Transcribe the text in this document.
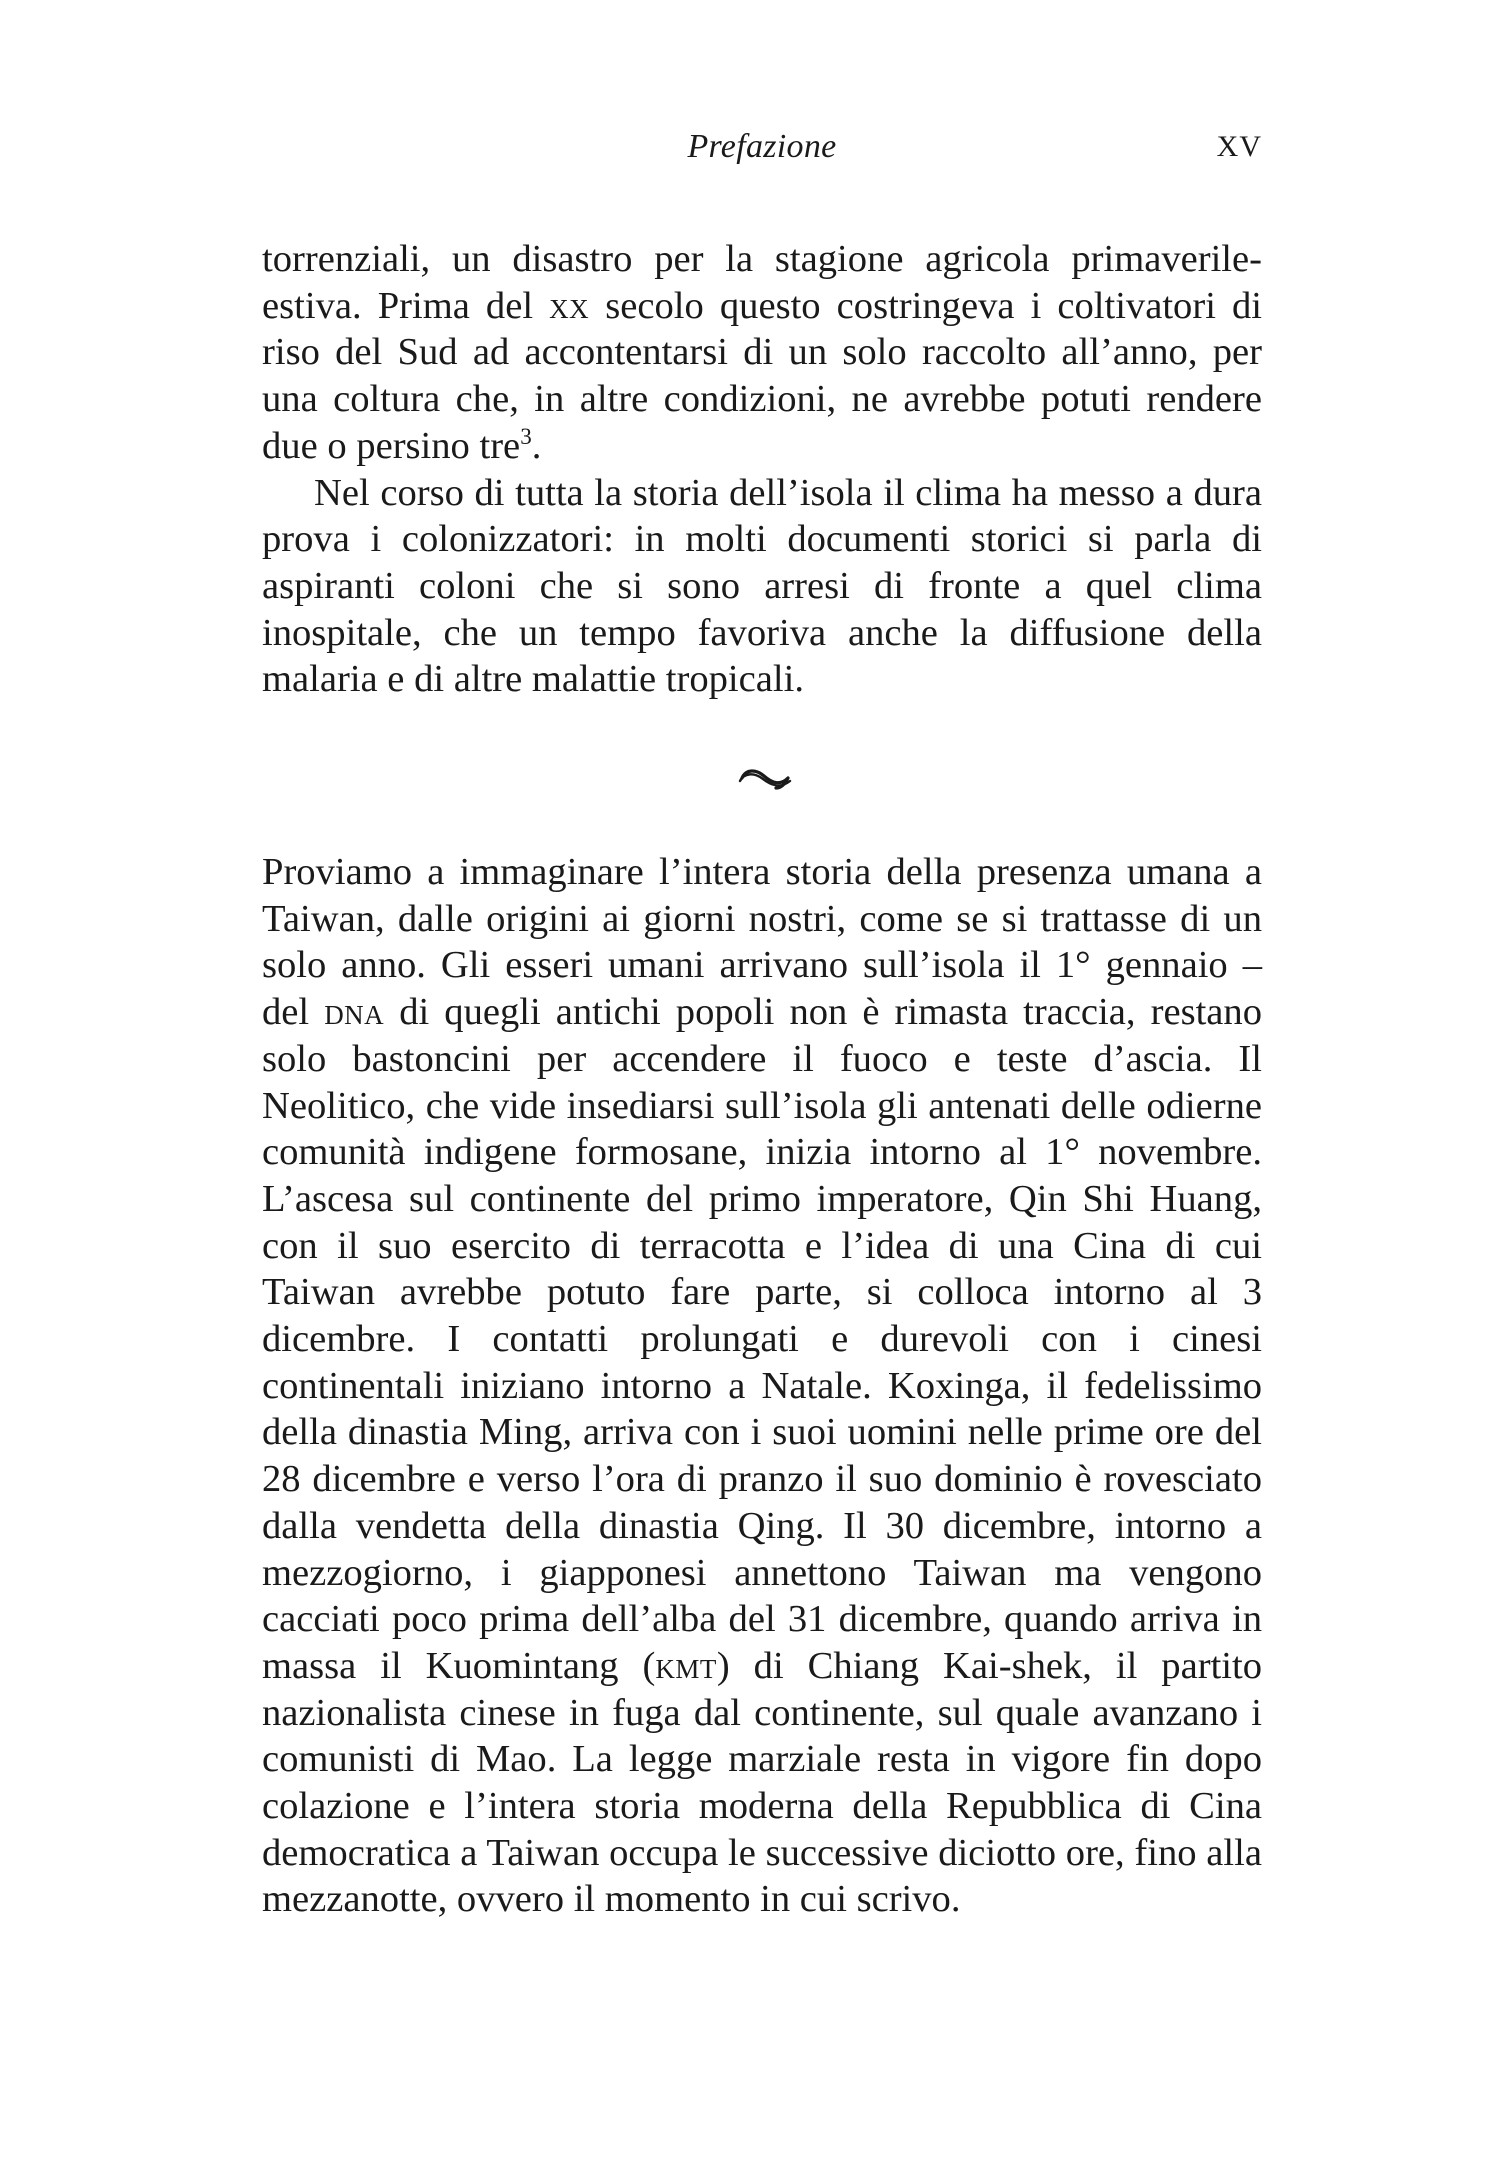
Prefazione	XV

torrenziali, un disastro per la stagione agricola primaverile-estiva. Prima del xx secolo questo costringeva i coltivatori di riso del Sud ad accontentarsi di un solo raccolto all’anno, per una coltura che, in altre condizioni, ne avrebbe potuti rendere due o persino tre$^3$.

Nel corso di tutta la storia dell’isola il clima ha messo a dura prova i colonizzatori: in molti documenti storici si parla di aspiranti coloni che si sono arresi di fronte a quel clima inospitale, che un tempo favoriva anche la diffusione della malaria e di altre malattie tropicali.

Proviamo a immaginare l’intera storia della presenza umana a Taiwan, dalle origini ai giorni nostri, come se si trattasse di un solo anno. Gli esseri umani arrivano sull’isola il 1° gennaio – del dna di quegli antichi popoli non è rimasta traccia, restano solo bastoncini per accendere il fuoco e teste d’ascia. Il Neolitico, che vide insediarsi sull’isola gli antenati delle odierne comunità indigene formosane, inizia intorno al 1° novembre. L’ascesa sul continente del primo imperatore, Qin Shi Huang, con il suo esercito di terracotta e l’idea di una Cina di cui Taiwan avrebbe potuto fare parte, si colloca intorno al 3 dicembre. I contatti prolungati e durevoli con i cinesi continentali iniziano intorno a Natale. Koxinga, il fedelissimo della dinastia Ming, arriva con i suoi uomini nelle prime ore del 28 dicembre e verso l’ora di pranzo il suo dominio è rovesciato dalla vendetta della dinastia Qing. Il 30 dicembre, intorno a mezzogiorno, i giapponesi annettono Taiwan ma vengono cacciati poco prima dell’alba del 31 dicembre, quando arriva in massa il Kuomintang (kmt) di Chiang Kai-shek, il partito nazionalista cinese in fuga dal continente, sul quale avanzano i comunisti di Mao. La legge marziale resta in vigore fin dopo colazione e l’intera storia moderna della Repubblica di Cina democratica a Taiwan occupa le successive diciotto ore, fino alla mezzanotte, ovvero il momento in cui scrivo.
